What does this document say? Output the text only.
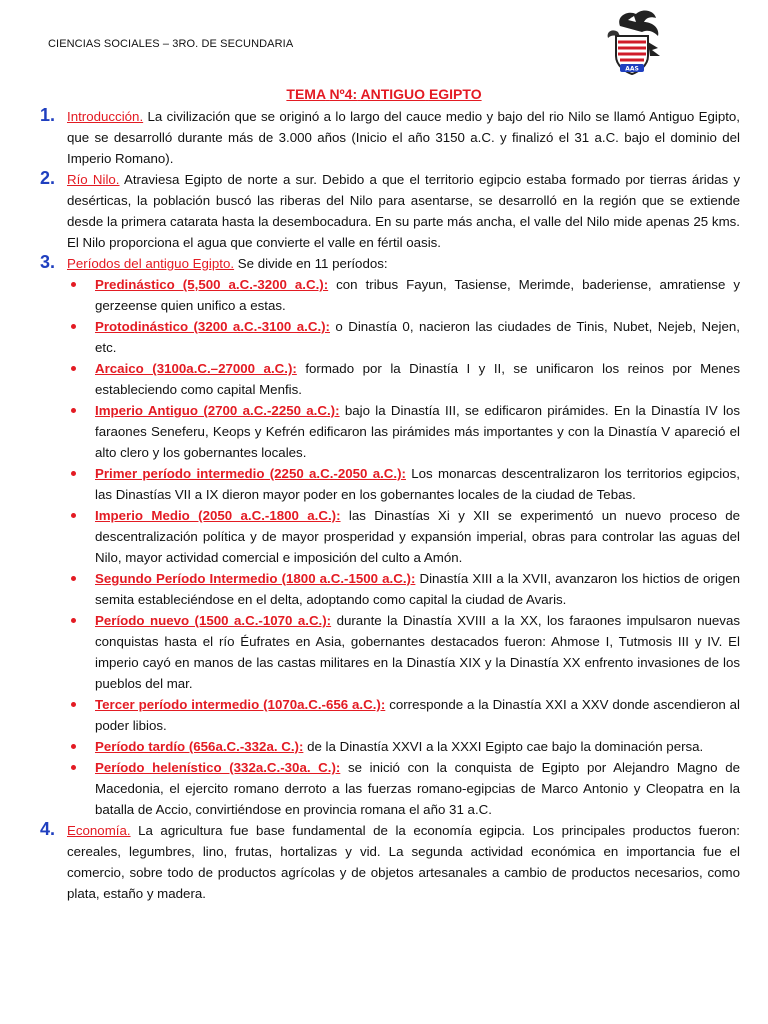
CIENCIAS SOCIALES – 3RO. DE SECUNDARIA
AAS
TEMA Nº4: ANTIGUO EGIPTO
1. Introducción. La civilización que se originó a lo largo del cauce medio y bajo del rio Nilo se llamó Antiguo Egipto, que se desarrolló durante más de 3.000 años (Inicio el año 3150 a.C. y finalizó el 31 a.C. bajo el dominio del Imperio Romano).
2. Río Nilo. Atraviesa Egipto de norte a sur. Debido a que el territorio egipcio estaba formado por tierras áridas y desérticas, la población buscó las riberas del Nilo para asentarse, se desarrolló en la región que se extiende desde la primera catarata hasta la desembocadura. En su parte más ancha, el valle del Nilo mide apenas 25 kms. El Nilo proporciona el agua que convierte el valle en fértil oasis.
3. Períodos del antiguo Egipto. Se divide en 11 períodos:
Predinástico (5,500 a.C.-3200 a.C.): con tribus Fayun, Tasiense, Merimde, baderiense, amratiense y gerzeense quien unifico a estas.
Protodinástico (3200 a.C.-3100 a.C.): o Dinastía 0, nacieron las ciudades de Tinis, Nubet, Nejeb, Nejen, etc.
Arcaico (3100a.C.–27000 a.C.): formado por la Dinastía I y II, se unificaron los reinos por Menes estableciendo como capital Menfis.
Imperio Antiguo (2700 a.C.-2250 a.C.): bajo la Dinastía III, se edificaron pirámides. En la Dinastía IV los faraones Seneferu, Keops y Kefrén edificaron las pirámides más importantes y con la Dinastía V apareció el alto clero y los gobernantes locales.
Primer período intermedio (2250 a.C.-2050 a.C.): Los monarcas descentralizaron los territorios egipcios, las Dinastías VII a IX dieron mayor poder en los gobernantes locales de la ciudad de Tebas.
Imperio Medio (2050 a.C.-1800 a.C.): las Dinastías Xi y XII se experimentó un nuevo proceso de descentralización política y de mayor prosperidad y expansión imperial, obras para controlar las aguas del Nilo, mayor actividad comercial e imposición del culto a Amón.
Segundo Período Intermedio (1800 a.C.-1500 a.C.): Dinastía XIII a la XVII, avanzaron los hictios de origen semita estableciéndose en el delta, adoptando como capital la ciudad de Avaris.
Período nuevo (1500 a.C.-1070 a.C.): durante la Dinastía XVIII a la XX, los faraones impulsaron nuevas conquistas hasta el río Éufrates en Asia, gobernantes destacados fueron: Ahmose I, Tutmosis III y IV. El imperio cayó en manos de las castas militares en la Dinastía XIX y la Dinastía XX enfrento invasiones de los pueblos del mar.
Tercer período intermedio (1070a.C.-656 a.C.): corresponde a la Dinastía XXI a XXV donde ascendieron al poder libios.
Período tardío (656a.C.-332a. C.): de la Dinastía XXVI a la XXXI Egipto cae bajo la dominación persa.
Período helenístico (332a.C.-30a. C.): se inició con la conquista de Egipto por Alejandro Magno de Macedonia, el ejercito romano derroto a las fuerzas romano-egipcias de Marco Antonio y Cleopatra en la batalla de Accio, convirtiéndose en provincia romana el año 31 a.C.
4. Economía. La agricultura fue base fundamental de la economía egipcia. Los principales productos fueron: cereales, legumbres, lino, frutas, hortalizas y vid. La segunda actividad económica en importancia fue el comercio, sobre todo de productos agrícolas y de objetos artesanales a cambio de productos necesarios, como plata, estaño y madera.
